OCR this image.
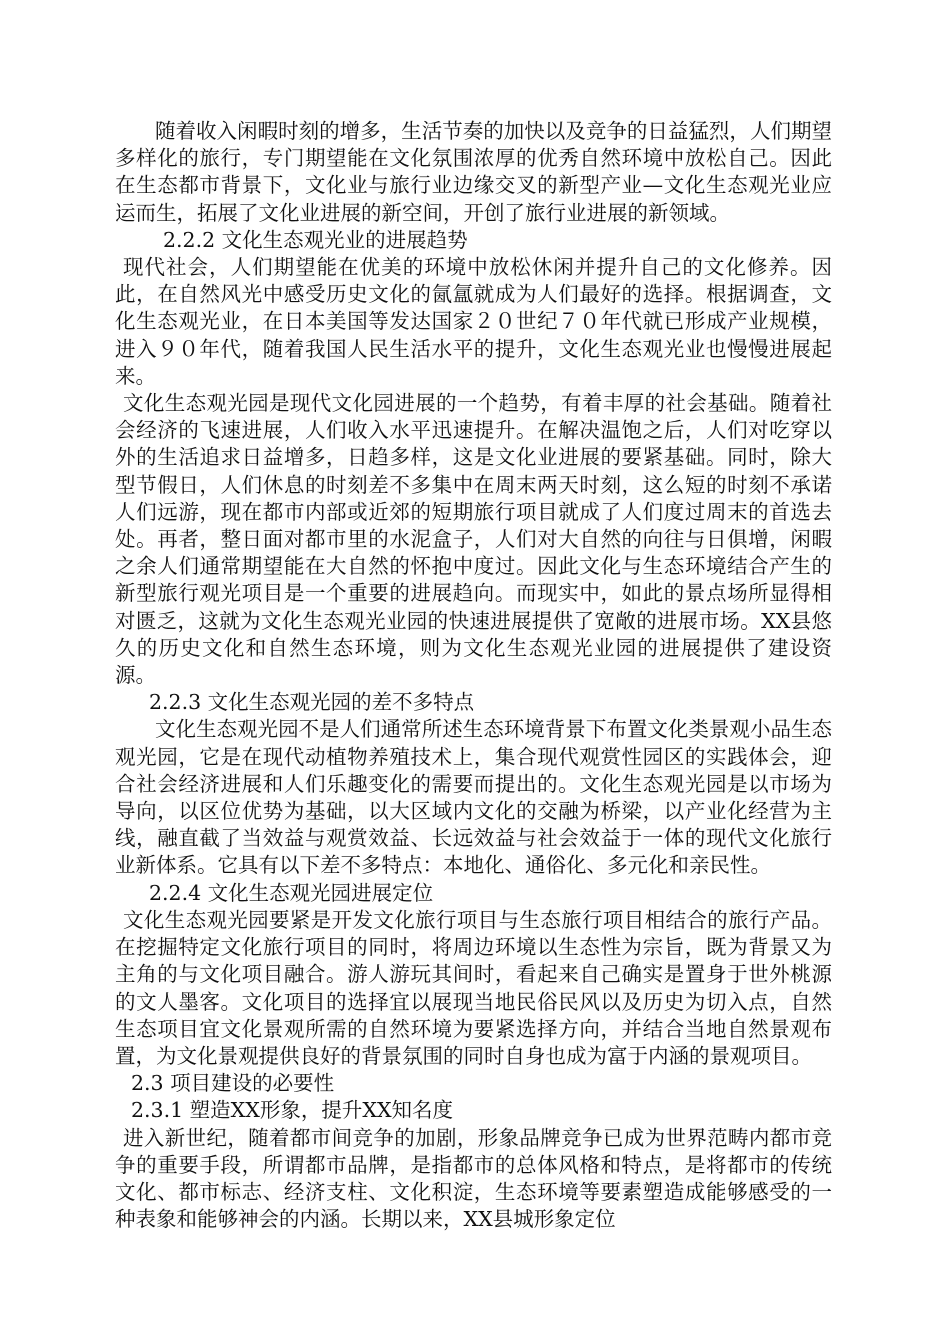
随着收入闲暇时刻的增多，生活节奏的加快以及竞争的日益猛烈，人们期望多样化的旅行，专门期望能在文化氛围浓厚的优秀自然环境中放松自己。因此在生态都市背景下，文化业与旅行业边缘交叉的新型产业—文化生态观光业应运而生，拓展了文化业进展的新空间，开创了旅行业进展的新领域。

2.2.2 文化生态观光业的进展趋势

现代社会，人们期望能在优美的环境中放松休闲并提升自己的文化修养。因此，在自然风光中感受历史文化的氤氲就成为人们最好的选择。根据调查，文化生态观光业，在日本美国等发达国家２０世纪７０年代就已形成产业规模，进入９０年代，随着我国人民生活水平的提升，文化生态观光业也慢慢进展起来。

文化生态观光园是现代文化园进展的一个趋势，有着丰厚的社会基础。随着社会经济的飞速进展，人们收入水平迅速提升。在解决温饱之后，人们对吃穿以外的生活追求日益增多，日趋多样，这是文化业进展的要紧基础。同时，除大型节假日，人们休息的时刻差不多集中在周末两天时刻，这么短的时刻不承诺人们远游，现在都市内部或近郊的短期旅行项目就成了人们度过周末的首选去处。再者，整日面对都市里的水泥盒子，人们对大自然的向往与日俱增，闲暇之余人们通常期望能在大自然的怀抱中度过。因此文化与生态环境结合产生的新型旅行观光项目是一个重要的进展趋向。而现实中，如此的景点场所显得相对匮乏，这就为文化生态观光业园的快速进展提供了宽敞的进展市场。XX县悠久的历史文化和自然生态环境，则为文化生态观光业园的进展提供了建设资源。

2.2.3 文化生态观光园的差不多特点

文化生态观光园不是人们通常所述生态环境背景下布置文化类景观小品生态观光园，它是在现代动植物养殖技术上，集合现代观赏性园区的实践体会，迎合社会经济进展和人们乐趣变化的需要而提出的。文化生态观光园是以市场为导向，以区位优势为基础，以大区域内文化的交融为桥梁，以产业化经营为主线，融直截了当效益与观赏效益、长远效益与社会效益于一体的现代文化旅行业新体系。它具有以下差不多特点：本地化、通俗化、多元化和亲民性。

2.2.4 文化生态观光园进展定位

文化生态观光园要紧是开发文化旅行项目与生态旅行项目相结合的旅行产品。在挖掘特定文化旅行项目的同时，将周边环境以生态性为宗旨，既为背景又为主角的与文化项目融合。游人游玩其间时，看起来自己确实是置身于世外桃源的文人墨客。文化项目的选择宜以展现当地民俗民风以及历史为切入点，自然生态项目宜文化景观所需的自然环境为要紧选择方向，并结合当地自然景观布置，为文化景观提供良好的背景氛围的同时自身也成为富于内涵的景观项目。

2.3 项目建设的必要性

2.3.1 塑造XX形象，提升XX知名度

进入新世纪，随着都市间竞争的加剧，形象品牌竞争已成为世界范畴内都市竞争的重要手段，所谓都市品牌，是指都市的总体风格和特点，是将都市的传统文化、都市标志、经济支柱、文化积淀，生态环境等要素塑造成能够感受的一种表象和能够神会的内涵。长期以来，XX县城形象定位
